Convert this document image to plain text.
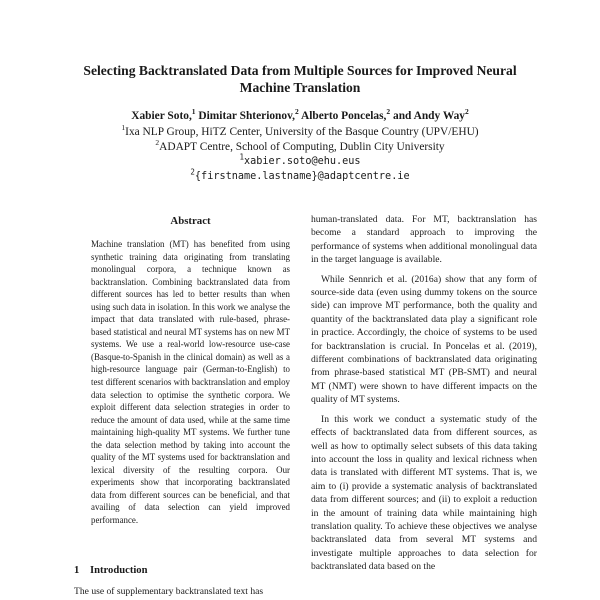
Selecting Backtranslated Data from Multiple Sources for Improved Neural Machine Translation
Xabier Soto,$^1$ Dimitar Shterionov,$^2$ Alberto Poncelas,$^2$ and Andy Way$^2$
$^1$Ixa NLP Group, HiTZ Center, University of the Basque Country (UPV/EHU)
$^2$ADAPT Centre, School of Computing, Dublin City University
$^1$xabier.soto@ehu.eus
$^2${firstname.lastname}@adaptcentre.ie
Abstract

Machine translation (MT) has benefited from using synthetic training data originating from translating monolingual corpora, a technique known as backtranslation. Combining backtranslated data from different sources has led to better results than when using such data in isolation. In this work we analyse the impact that data translated with rule-based, phrase-based statistical and neural MT systems has on new MT systems. We use a real-world low-resource use-case (Basque-to-Spanish in the clinical domain) as well as a high-resource language pair (German-to-English) to test different scenarios with backtranslation and employ data selection to optimise the synthetic corpora. We exploit different data selection strategies in order to reduce the amount of data used, while at the same time maintaining high-quality MT systems. We further tune the data selection method by taking into account the quality of the MT systems used for backtranslation and lexical diversity of the resulting corpora. Our experiments show that incorporating backtranslated data from different sources can be beneficial, and that availing of data selection can yield improved performance.

1 Introduction
The use of supplementary backtranslated text has

human-translated data. For MT, backtranslation has become a standard approach to improving the performance of systems when additional monolingual data in the target language is available.

While Sennrich et al. (2016a) show that any form of source-side data (even using dummy tokens on the source side) can improve MT performance, both the quality and quantity of the backtranslated data play a significant role in practice. Accordingly, the choice of systems to be used for backtranslation is crucial. In Poncelas et al. (2019), different combinations of backtranslated data originating from phrase-based statistical MT (PB-SMT) and neural MT (NMT) were shown to have different impacts on the quality of MT systems.

In this work we conduct a systematic study of the effects of backtranslated data from different sources, as well as how to optimally select subsets of this data taking into account the loss in quality and lexical richness when data is translated with different MT systems. That is, we aim to (i) provide a systematic analysis of backtranslated data from different sources; and (ii) to exploit a reduction in the amount of training data while maintaining high translation quality. To achieve these objectives we analyse backtranslated data from several MT systems and investigate multiple approaches to data selection for backtranslated data based on the
